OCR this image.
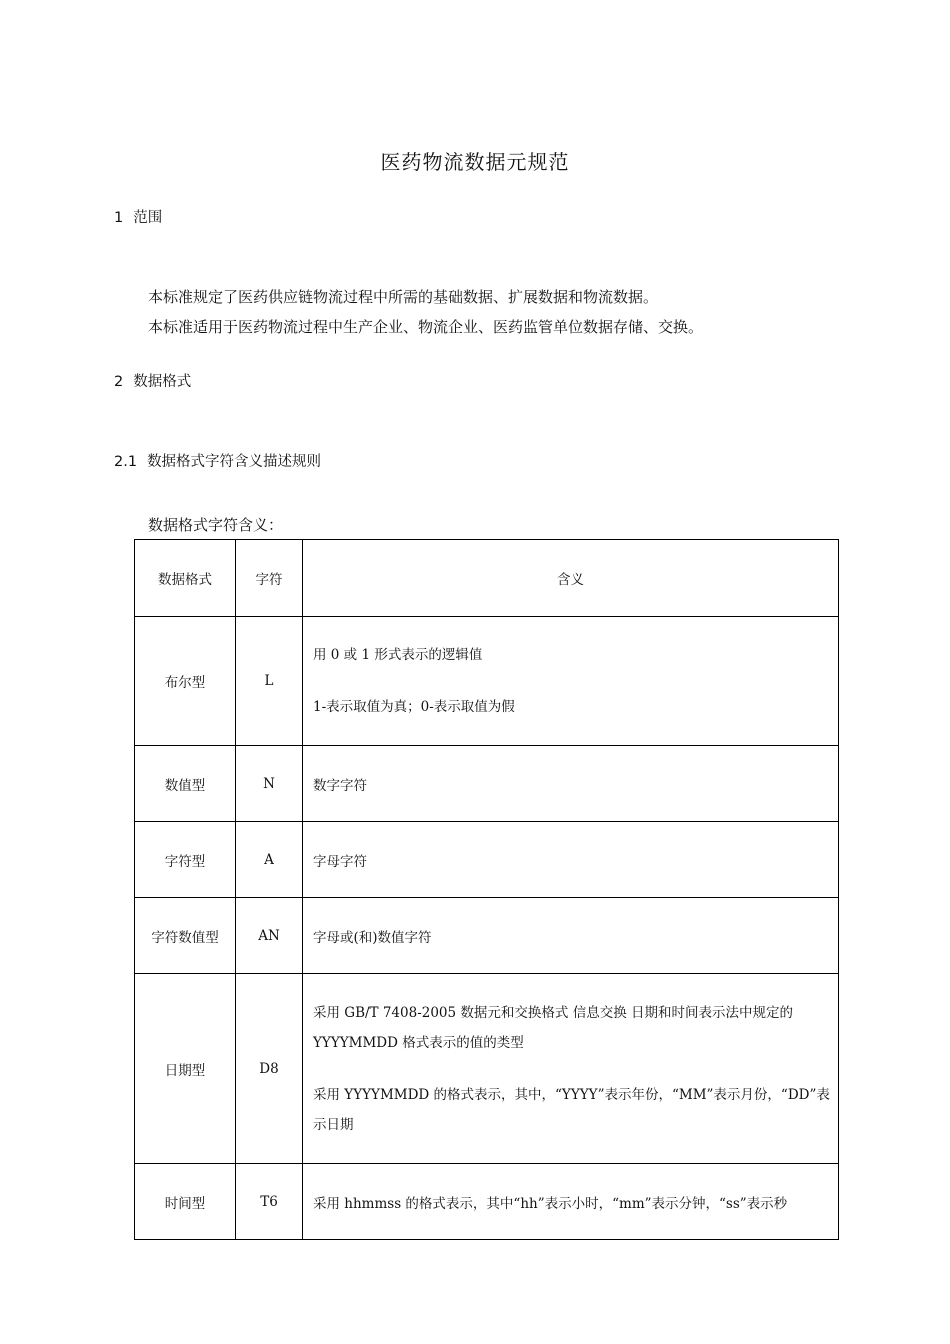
医药物流数据元规范
1 范围
本标准规定了医药供应链物流过程中所需的基础数据、扩展数据和物流数据。
本标准适用于医药物流过程中生产企业、物流企业、医药监管单位数据存储、交换。
2 数据格式
2.1 数据格式字符含义描述规则
数据格式字符含义：
数据格式	字符	含义
布尔型	L	用 0 或 1 形式表示的逻辑值
1-表示取值为真；0-表示取值为假

数值型	N	数字字符
字符型	A	字母字符
字符数值型	AN	字母或(和)数值字符
日期型	D8	采用 GB/T 7408-2005 数据元和交换格式 信息交换 日期和时间表示法中规定的 YYYYMMDD 格式表示的值的类型
采用 YYYYMMDD 的格式表示，其中，“YYYY”表示年份，“MM”表示月份，“DD”表示日期

时间型	T6	采用 hhmmss 的格式表示，其中“hh”表示小时，“mm”表示分钟，“ss”表示秒
